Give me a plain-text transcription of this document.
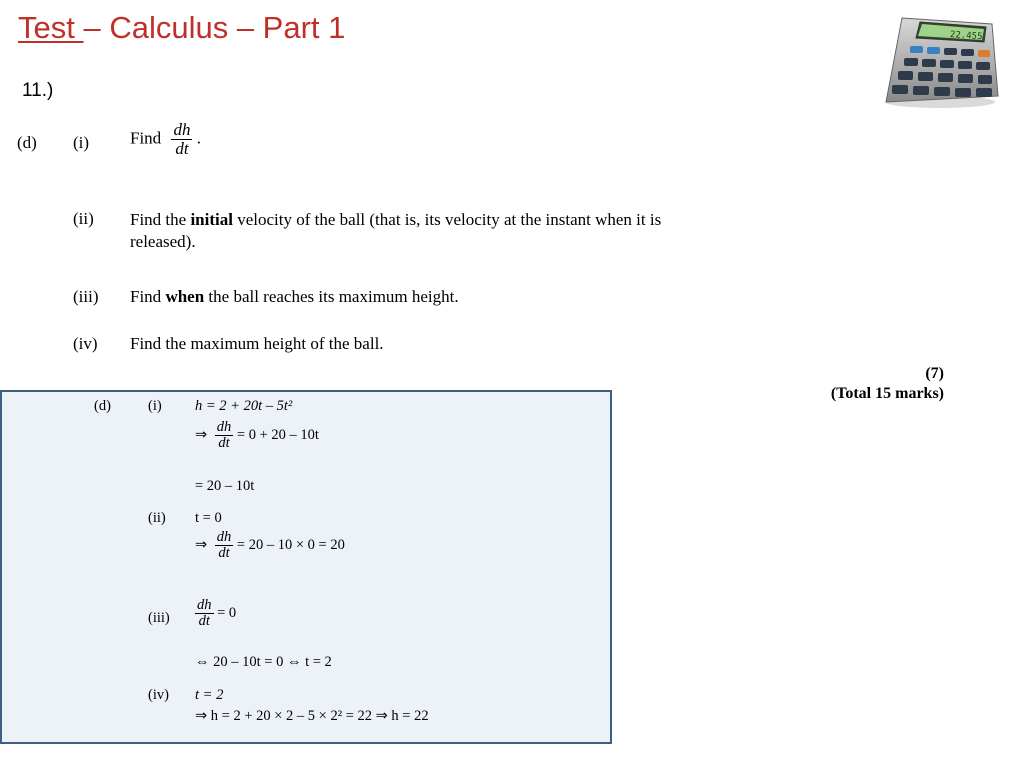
Test – Calculus – Part 1
11.)
22.455
(d) (i) Find $\frac{dh}{dt}$ .
(ii) Find the initial velocity of the ball (that is, its velocity at the instant when it is
released).
(iii) Find when the ball reaches its maximum height.
(iv) Find the maximum height of the ball.
(7)
(Total 15 marks)
(d)	(i) h = 2 + 20t – 5t²
⇒ $\frac{dh}{dt} = 0 + 20 - 10t$
= 20 – 10t
(ii) t = 0
⇒ $\frac{dh}{dt} = 20 - 10 \times 0 = 20$
$(iii) \frac{dh}{dt} = 0$
⇔ 20 – 10t = 0 ⇔ t = 2
(iv) t = 2
⇒ h = 2 + 20 × 2 – 5 × 2² = 22 ⇒ h = 22
